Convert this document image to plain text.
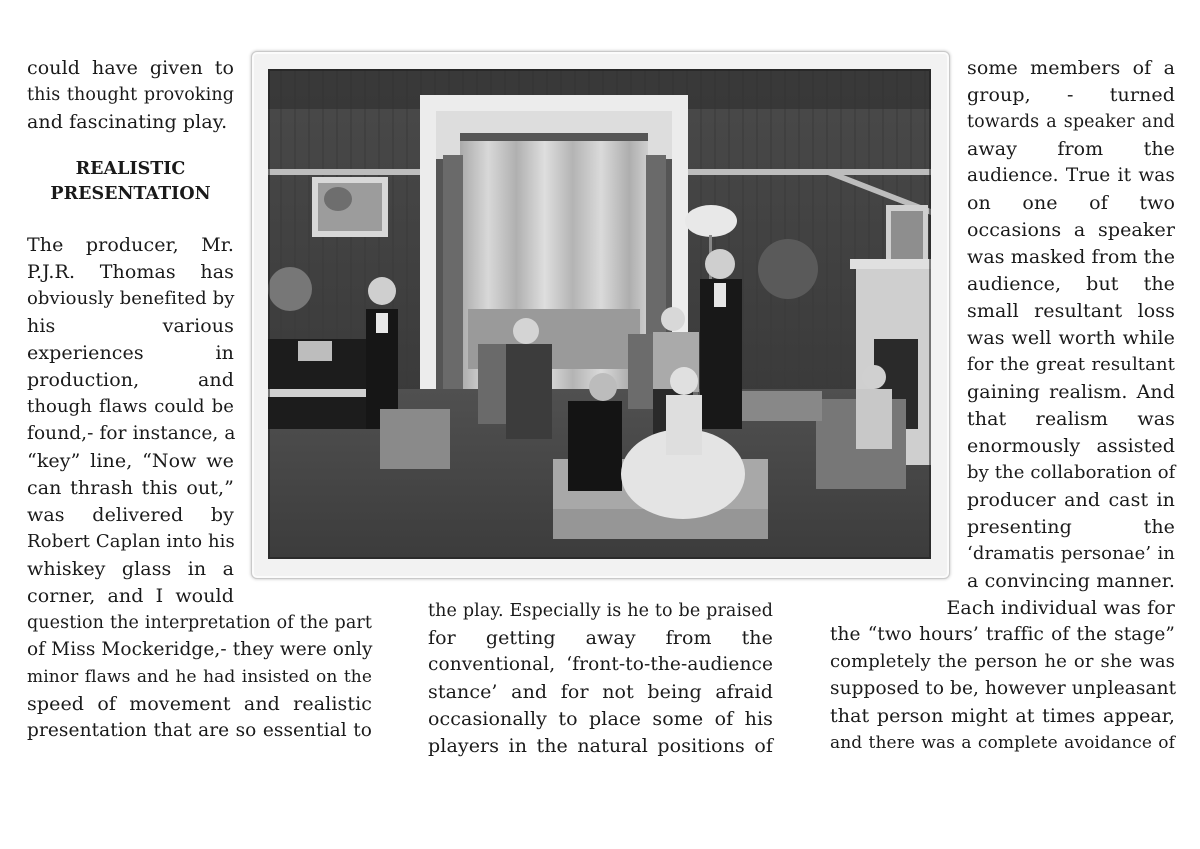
could have given to
this thought provoking
and fascinating play.
REALISTIC
PRESENTATION
The producer, Mr.
P.J.R. Thomas has
obviously benefited by
his various
experiences in
production, and
though flaws could be
found,- for instance, a
“key” line, “Now we
can thrash this out,”
was delivered by
Robert Caplan into his
whiskey glass in a
corner, and I would
question the interpretation of the part
of Miss Mockeridge,- they were only
minor flaws and he had insisted on the
speed of movement and realistic
presentation that are so essential to
the play. Especially is he to be praised
for getting away from the
conventional, ‘front-to-the-audience
stance’ and for not being afraid
occasionally to place some of his
players in the natural positions of
some members of a
group, - turned
towards a speaker and
away from the
audience. True it was
on one of two
occasions a speaker
was masked from the
audience, but the
small resultant loss
was well worth while
for the great resultant
gaining realism. And
that realism was
enormously assisted
by the collaboration of
producer and cast in
presenting the
‘dramatis personae’ in
a convincing manner.
Each individual was for
the “two hours’ traffic of the stage”
completely the person he or she was
supposed to be, however unpleasant
that person might at times appear,
and there was a complete avoidance of
